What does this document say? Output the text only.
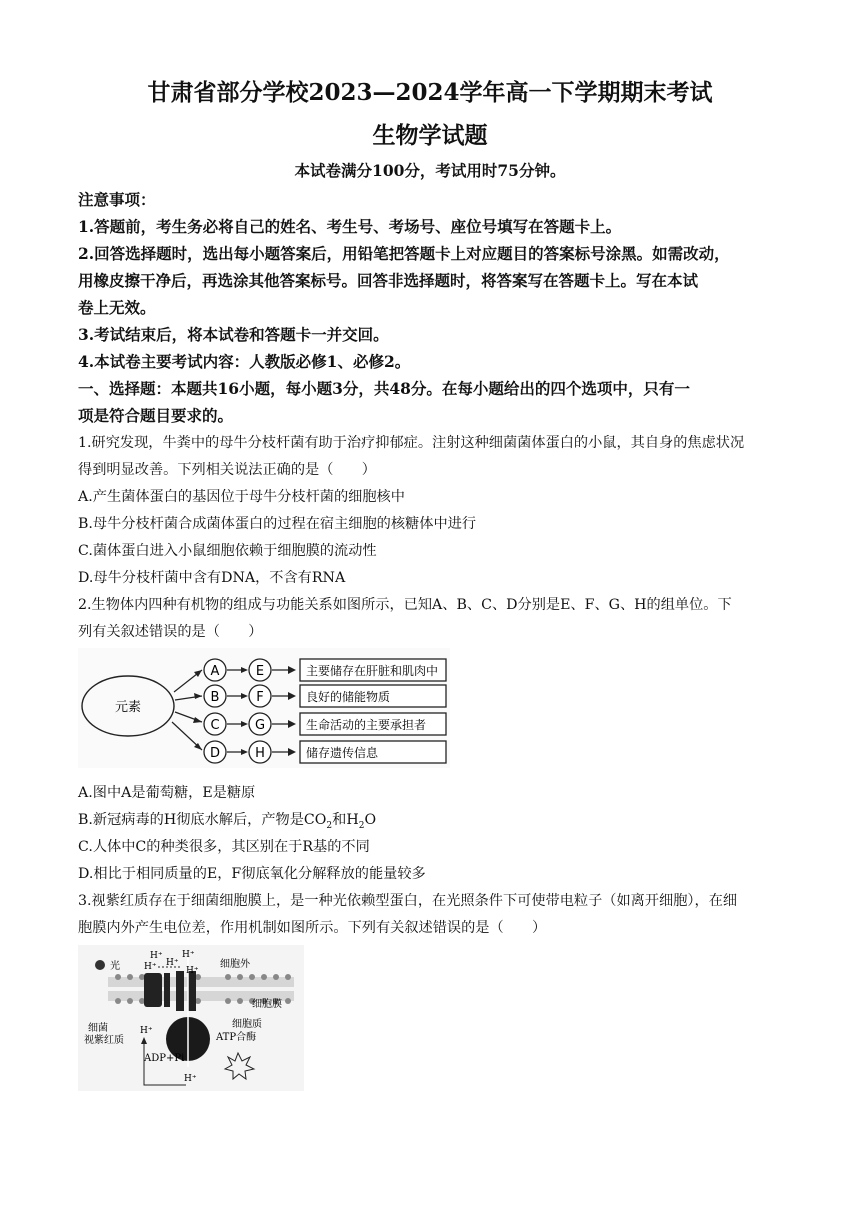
甘肃省部分学校2023—2024学年高一下学期期末考试
生物学试题
本试卷满分100分，考试用时75分钟。
注意事项：
1.答题前，考生务必将自己的姓名、考生号、考场号、座位号填写在答题卡上。
2.回答选择题时，选出每小题答案后，用铅笔把答题卡上对应题目的答案标号涂黑。如需改动，
用橡皮擦干净后，再选涂其他答案标号。回答非选择题时，将答案写在答题卡上。写在本试
卷上无效。
3.考试结束后，将本试卷和答题卡一并交回。
4.本试卷主要考试内容：人教版必修1、必修2。
一、选择题：本题共16小题，每小题3分，共48分。在每小题给出的四个选项中，只有一
项是符合题目要求的。
1.研究发现，牛粪中的母牛分枝杆菌有助于治疗抑郁症。注射这种细菌菌体蛋白的小鼠，其自身的焦虑状况
得到明显改善。下列相关说法正确的是（　　）
A.产生菌体蛋白的基因位于母牛分枝杆菌的细胞核中
B.母牛分枝杆菌合成菌体蛋白的过程在宿主细胞的核糖体中进行
C.菌体蛋白进入小鼠细胞依赖于细胞膜的流动性
D.母牛分枝杆菌中含有DNA，不含有RNA
2.生物体内四种有机物的组成与功能关系如图所示，已知A、B、C、D分别是E、F、G、H的组单位。下
列有关叙述错误的是（　　）
元素
A	E	主要储存在肝脏和肌肉中
B	F	良好的储能物质
C	G	生命活动的主要承担者
D	H	储存遗传信息
A.图中A是葡萄糖，E是糖原
B.新冠病毒的H彻底水解后，产物是$CO_2$和$H_2O$
C.人体中C的种类很多，其区别在于R基的不同
D.相比于相同质量的E，F彻底氧化分解释放的能量较多
3.视紫红质存在于细菌细胞膜上，是一种光依赖型蛋白，在光照条件下可使带电粒子（如离开细胞），在细
胞膜内外产生电位差，作用机制如图所示。下列有关叙述错误的是（　　）
光
H⁺ H⁺
H⁺ H⁺
H⁺
细胞外
细胞膜
细胞质
ATP合酶
细菌
视紫红质
H⁺
ADP+Pi
H⁺
